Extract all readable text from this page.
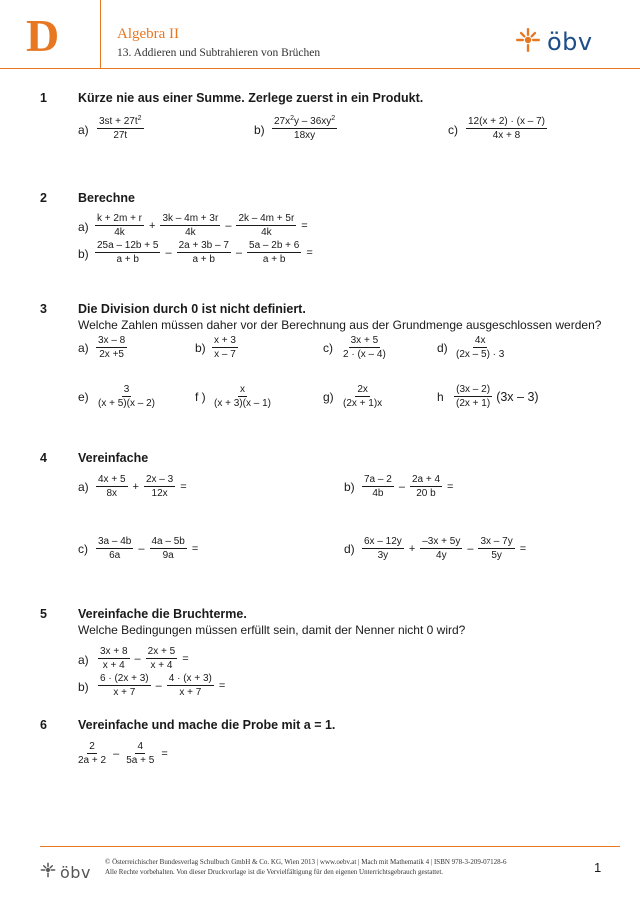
D	Algebra II
13. Addieren und Subtrahieren von Brüchen	öbv
1 Kürze nie aus einer Summe. Zerlege zuerst in ein Produkt.
$a) \frac{3st + 27t^2}{27t}$	$b) \frac{27x^2y - 36xy^2}{18xy}$	$c) \frac{12(x + 2) \cdot (x - 7)}{4x + 8}$
2 Berechne
$a) \frac{k + 2m + r}{4k} + \frac{3k - 4m + 3r}{4k} - \frac{2k - 4m + 5r}{4k}$ =
$b) \frac{25a - 12b + 5}{a + b} - \frac{2a + 3b - 7}{a + b} - \frac{5a - 2b + 6}{a + b}$ =
3 Die Division durch 0 ist nicht definiert.
Welche Zahlen müssen daher vor der Berechnung aus der Grundmenge ausgeschlossen werden?
$a) \frac{3x - 8}{2x +5}$	$b) \frac{x + 3}{x - 7}$	$c) \frac{3x + 5}{2 \cdot (x - 4)}$	$d) \frac{4x}{(2x - 5) \cdot 3}$
$e) \frac{3}{(x + 5)(x - 2)}$	f ) $\frac{x}{(x + 3)(x - 1)}$	$g) \frac{2x}{(2x + 1)x}$	h $\frac{(3x - 2)}{(2x + 1)} (3x - 3)$
4 Vereinfache
$a) \frac{4x + 5}{8x} + \frac{2x - 3}{12x}$ =	$b) \frac{7a - 2}{4b} - \frac{2a + 4}{20 b}$ =
$c) \frac{3a - 4b}{6a} - \frac{4a - 5b}{9a}$ =	$d) \frac{6x - 12y}{3y} + \frac{-3x + 5y}{4y} - \frac{3x - 7y}{5y}$ =
5 Vereinfache die Bruchterme.
Welche Bedingungen müssen erfüllt sein, damit der Nenner nicht 0 wird?
$a) \frac{3x + 8}{x + 4} - \frac{2x + 5}{x + 4}$ =
$b) \frac{6 \cdot (2x + 3)}{x + 7} - \frac{4 \cdot (x + 3)}{x + 7}$ =
6 Vereinfache und mache die Probe mit a = 1.
$\frac{2}{2a + 2} - \frac{4}{5a + 5}$ =
öbv
© Österreichischer Bundesverlag Schulbuch GmbH & Co. KG, Wien 2013 | www.oebv.at | Mach mit Mathematik 4 | ISBN 978-3-209-07128-6
Alle Rechte vorbehalten. Von dieser Druckvorlage ist die Vervielfältigung für den eigenen Unterrichtsgebrauch gestattet.	1
